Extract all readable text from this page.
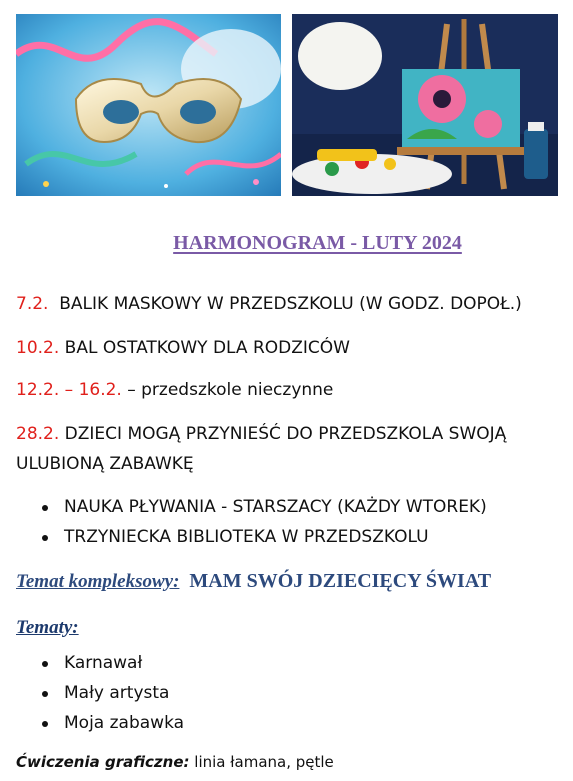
HARMONOGRAM - LUTY 2024
7.2.  BALIK MASKOWY W PRZEDSZKOLU (W GODZ. DOPOŁ.)
10.2. BAL OSTATKOWY DLA RODZICÓW
12.2. – 16.2. – przedszkole nieczynne
28.2. DZIECI MOGĄ PRZYNIEŚĆ DO PRZEDSZKOLA SWOJĄ
ULUBIONĄ ZABAWKĘ
NAUKA PŁYWANIA - STARSZACY (KAŻDY WTOREK)
TRZYNIECKA BIBLIOTEKA W PRZEDSZKOLU
Temat kompleksowy: MAM SWÓJ DZIECIĘCY ŚWIAT
Tematy:
Karnawał
Mały artysta
Moja zabawka
Ćwiczenia graficzne: linia łamana, pętle
